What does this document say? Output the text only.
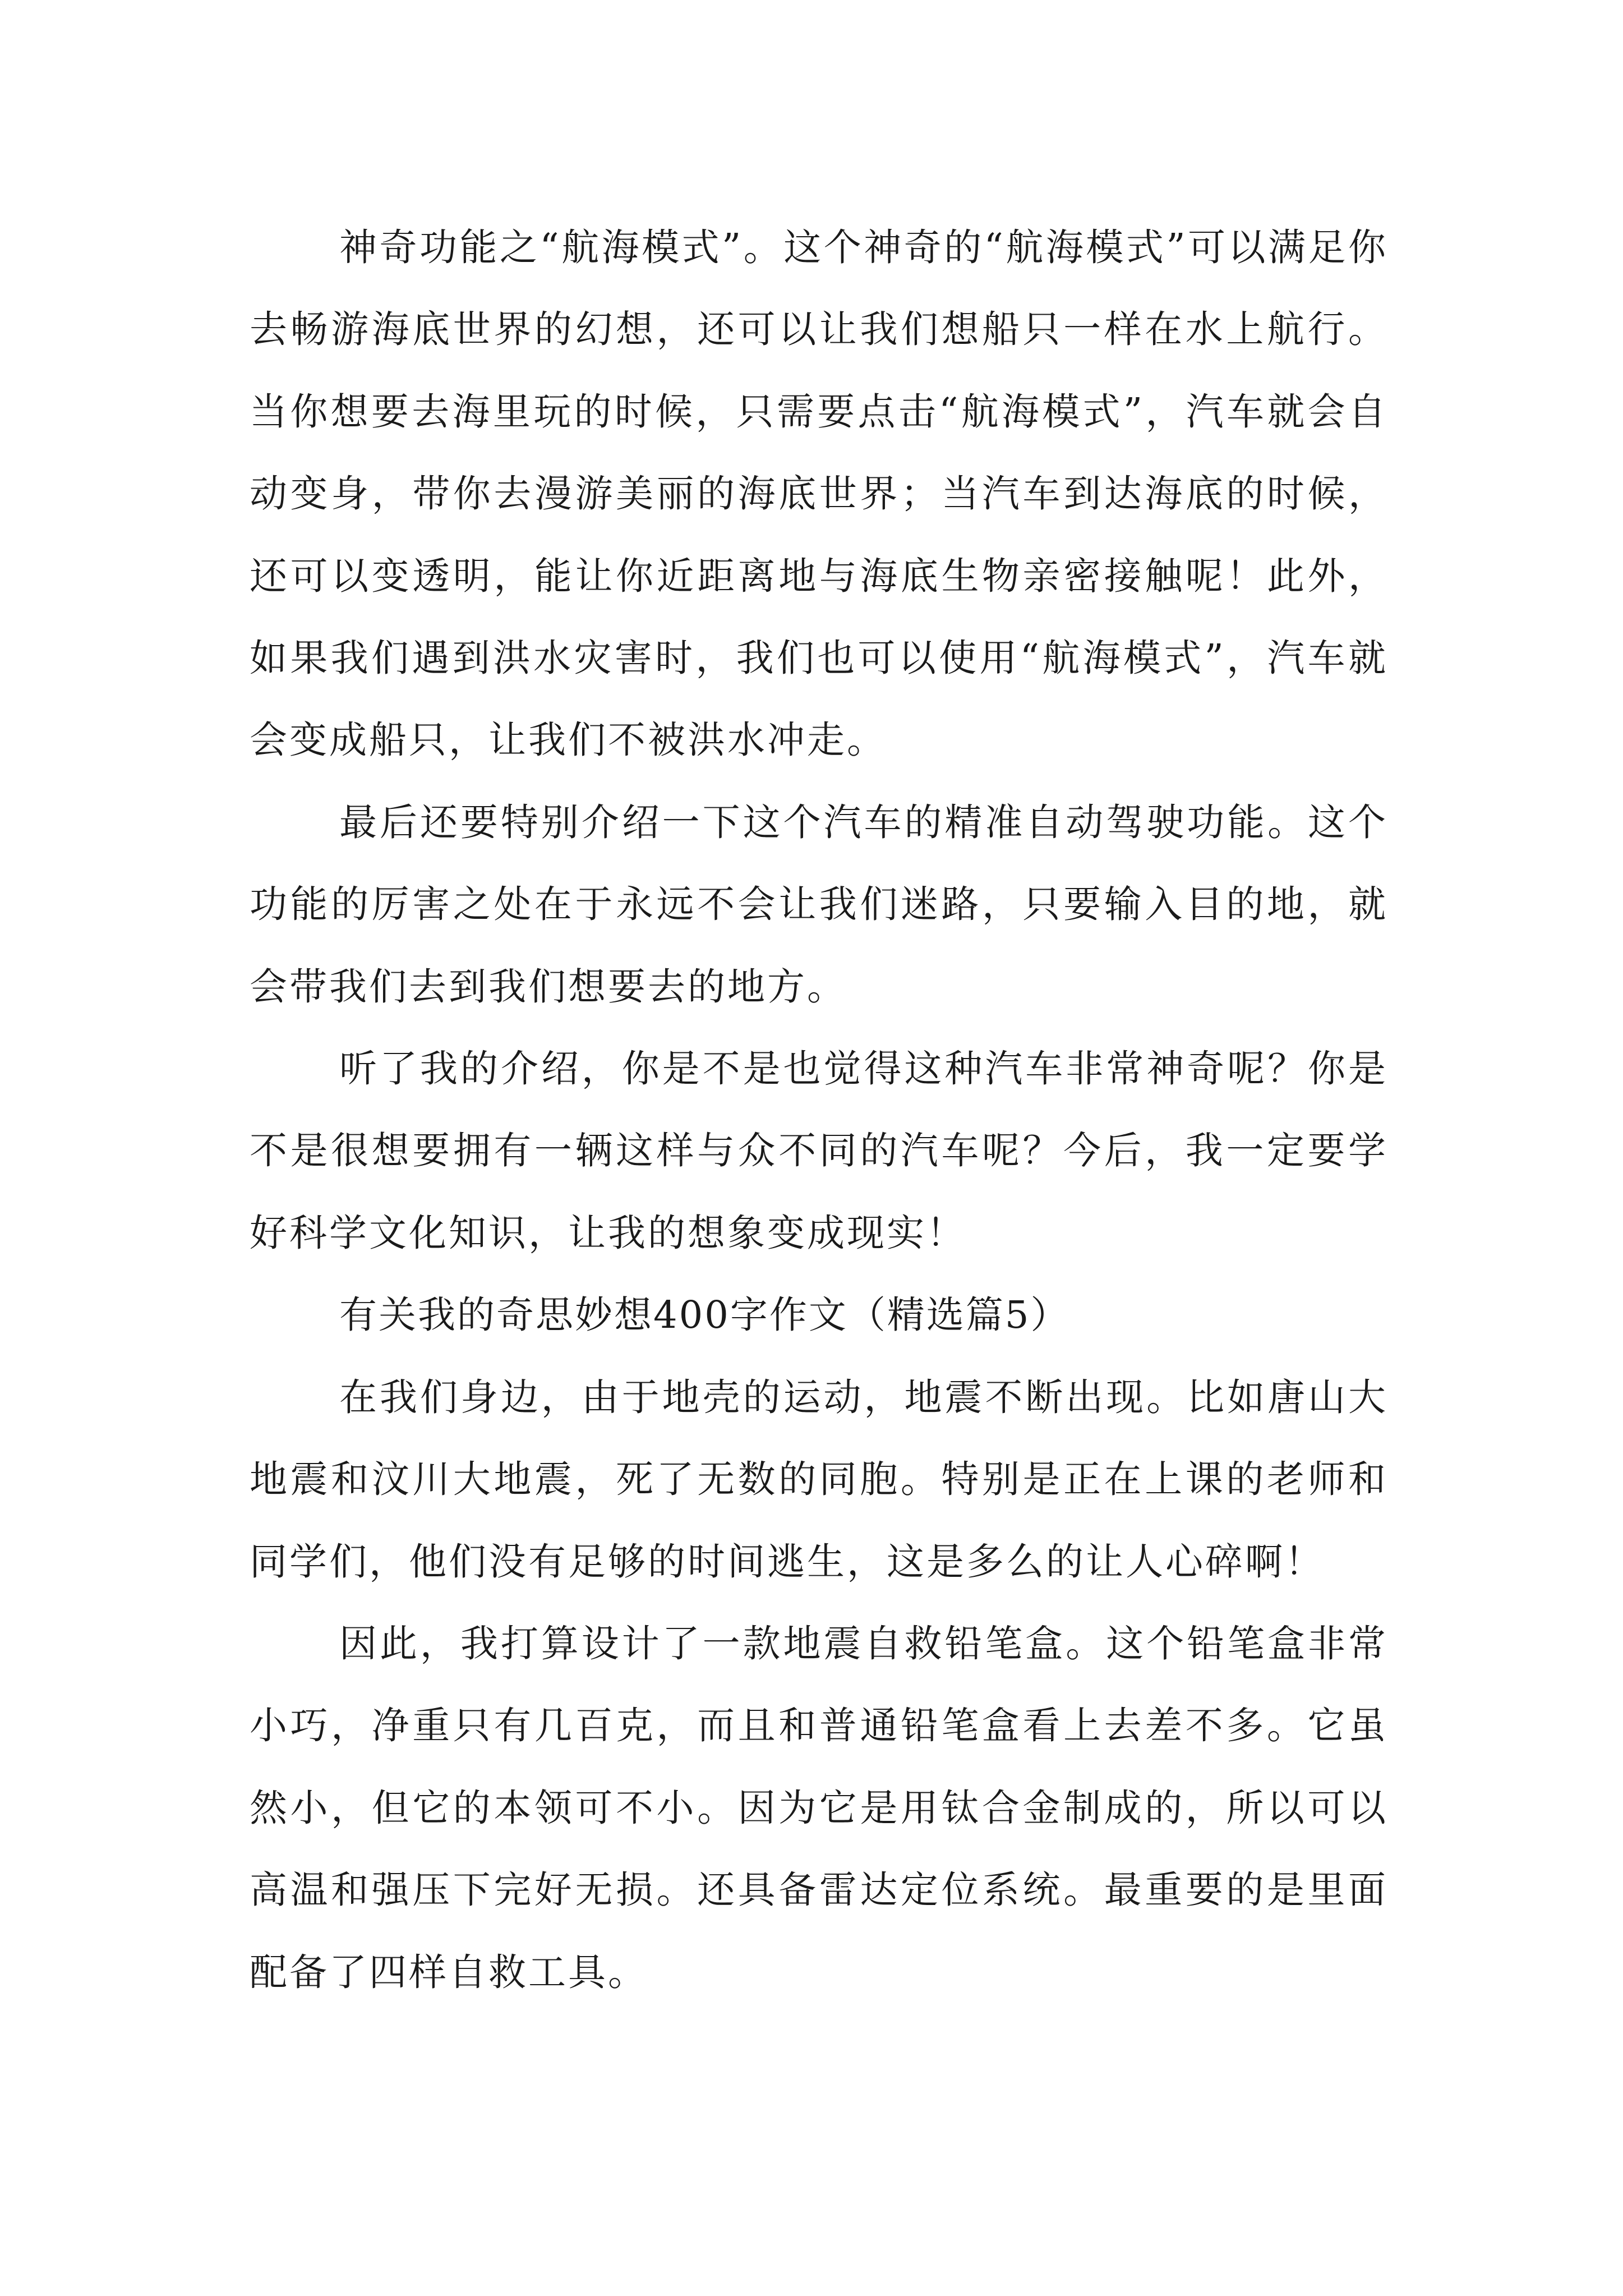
神奇功能之“航海模式”。这个神奇的“航海模式”可以满足你去畅游海底世界的幻想，还可以让我们想船只一样在水上航行。当你想要去海里玩的时候，只需要点击“航海模式”，汽车就会自动变身，带你去漫游美丽的海底世界；当汽车到达海底的时候，还可以变透明，能让你近距离地与海底生物亲密接触呢！此外，如果我们遇到洪水灾害时，我们也可以使用“航海模式”，汽车就会变成船只，让我们不被洪水冲走。

最后还要特别介绍一下这个汽车的精准自动驾驶功能。这个功能的厉害之处在于永远不会让我们迷路，只要输入目的地，就会带我们去到我们想要去的地方。

听了我的介绍，你是不是也觉得这种汽车非常神奇呢？你是不是很想要拥有一辆这样与众不同的汽车呢？今后，我一定要学好科学文化知识，让我的想象变成现实！

有关我的奇思妙想400字作文（精选篇5）

在我们身边，由于地壳的运动，地震不断出现。比如唐山大地震和汶川大地震，死了无数的同胞。特别是正在上课的老师和同学们，他们没有足够的时间逃生，这是多么的让人心碎啊！

因此，我打算设计了一款地震自救铅笔盒。这个铅笔盒非常小巧，净重只有几百克，而且和普通铅笔盒看上去差不多。它虽然小，但它的本领可不小。因为它是用钛合金制成的，所以可以高温和强压下完好无损。还具备雷达定位系统。最重要的是里面配备了四样自救工具。
